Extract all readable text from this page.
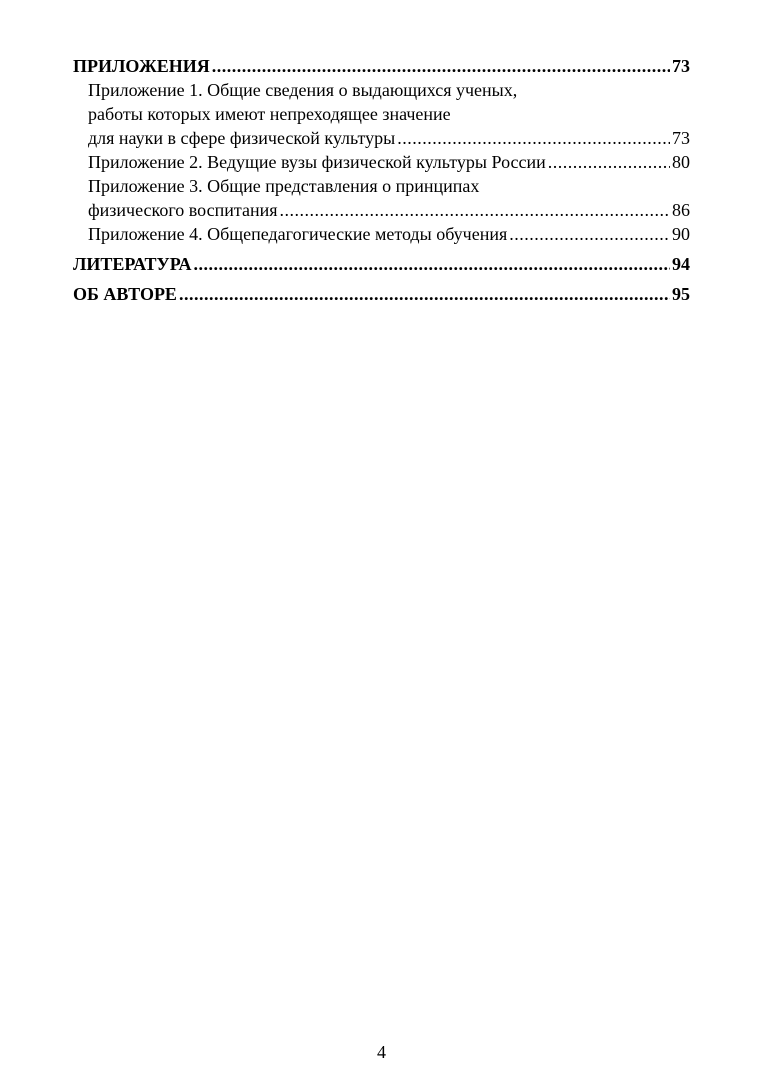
ПРИЛОЖЕНИЯ .....	73
Приложение 1. Общие сведения о выдающихся ученых,
работы которых имеют непреходящее значение
для науки в сфере физической культуры .....	73
Приложение 2. Ведущие вузы физической культуры России .....	80
Приложение 3. Общие представления о принципах
физического воспитания .....	86
Приложение 4. Общепедагогические методы обучения .....	90
ЛИТЕРАТУРА .....	94
ОБ АВТОРЕ .....	95
4
